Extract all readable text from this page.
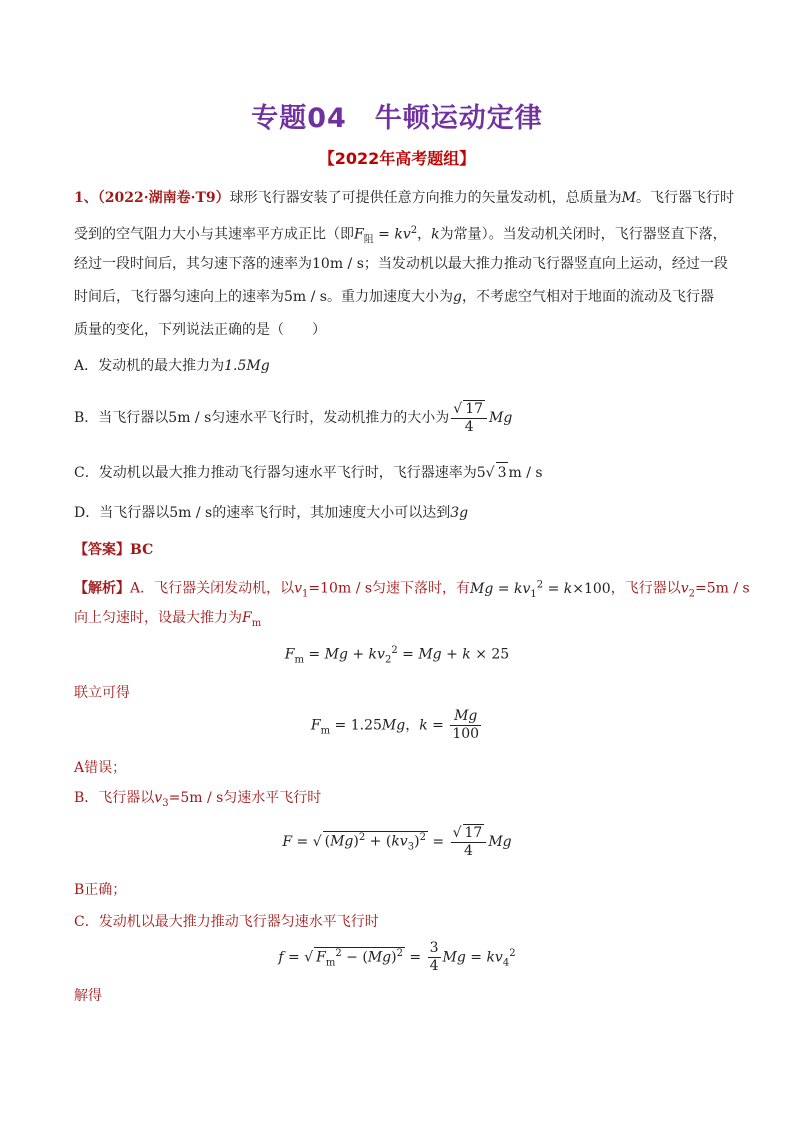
专题04　牛顿运动定律
【2022年高考题组】
1、（2022·湖南卷·T9）球形飞行器安装了可提供任意方向推力的矢量发动机，总质量为M。飞行器飞行时
受到的空气阻力大小与其速率平方成正比（即$F_阻 = kv^2$，k为常量）。当发动机关闭时，飞行器竖直下落，
经过一段时间后，其匀速下落的速率为10m / s；当发动机以最大推力推动飞行器竖直向上运动，经过一段
时间后，飞行器匀速向上的速率为5m / s。重力加速度大小为g，不考虑空气相对于地面的流动及飞行器
质量的变化，下列说法正确的是（　　）
A．发动机的最大推力为1.5Mg
B．当飞行器以5m / s匀速水平飞行时，发动机推力的大小为 $\frac{√ 17}{4}$ Mg
C．发动机以最大推力推动飞行器匀速水平飞行时，飞行器速率为5√ 3 m / s
D．当飞行器以5m / s的速率飞行时，其加速度大小可以达到3g
【答案】BC
【解析】A．飞行器关闭发动机，以$v_1=10m / s$匀速下落时，有$Mg = kv_1^2 = k\times 100$，飞行器以$v_2=5m / s$
向上匀速时，设最大推力为$F_m$
$F_m = Mg + kv_2^2 = Mg + k \times 25$
联立可得
$F_m = 1.25Mg$，$k = \frac{Mg}{100}$
A错误；
B．飞行器以$v_3=5m / s$匀速水平飞行时
F = √ $(Mg)^2 + (kv_3)^2 = \frac{√ 17}{4}$ Mg
B正确；
C．发动机以最大推力推动飞行器匀速水平飞行时
f = √ $F_m^2 - (Mg)^2 = \frac{3}{4}$ $Mg = kv_4^2$
解得
